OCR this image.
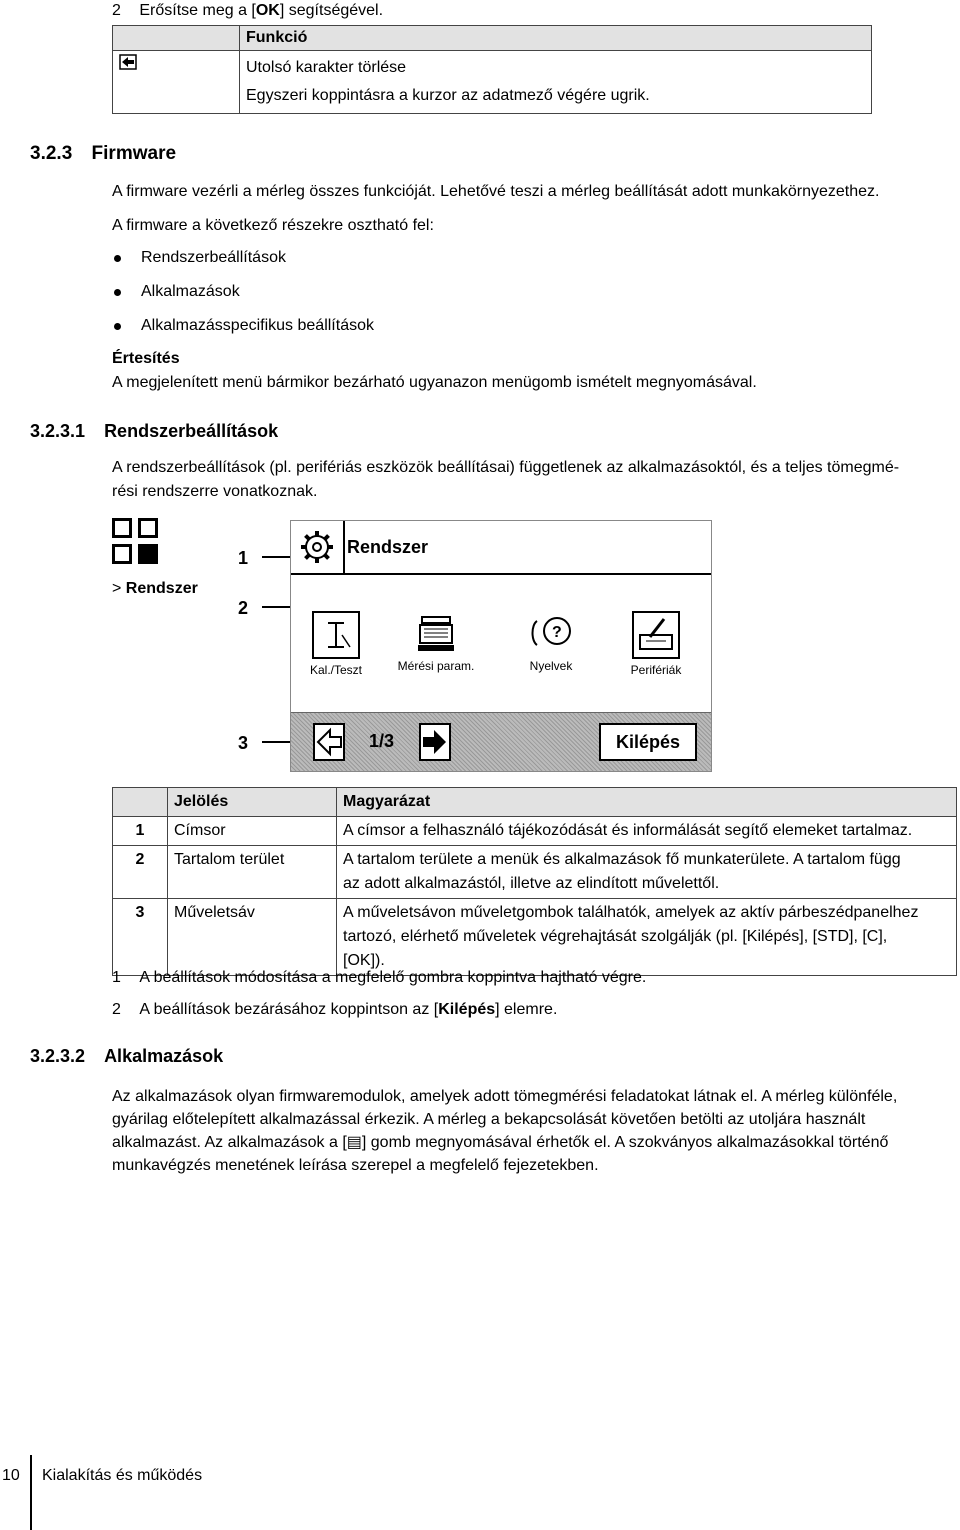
2 Erősítse meg a [OK] segítségével.
	Funkció

Utolsó karakter törlése

Egyszeri koppintásra a kurzor az adatmező végére ugrik.

3.2.3 Firmware

A firmware vezérli a mérleg összes funkcióját. Lehetővé teszi a mérleg beállítását adott munkakörnyezethez.

A firmware a következő részekre osztható fel:

Rendszerbeállítások
Alkalmazások
Alkalmazásspecifikus beállítások

Értesítés

A megjelenített menü bármikor bezárható ugyanazon menügomb ismételt megnyomásával.

3.2.3.1 Rendszerbeállítások

A rendszerbeállítások (pl. perifériás eszközök beállításai) függetlenek az alkalmazásoktól, és a teljes tömegmé-

rési rendszerre vonatkoznak.

> Rendszer
1
2
3
Rendszer
Kal./Teszt	Mérési param.
?
Nyelvek	Perifériák
1/3	Kilépés
	Jelölés	Magyarázat
1	Címsor	A címsor a felhasználó tájékozódását és informálását segítő elemeket tartalmaz.
2	Tartalom terület	A tartalom területe a menük és alkalmazások fő munkaterülete. A tartalom függ

az adott alkalmazástól, illetve az elindított művelettől.

3	Műveletsáv	A műveletsávon műveletgombok találhatók, amelyek az aktív párbeszédpanelhez

tartozó, elérhető műveletek végrehajtását szolgálják (pl. [Kilépés], [STD], [C],

[OK]).

1 A beállítások módosítása a megfelelő gombra koppintva hajtható végre.
2 A beállítások bezárásához koppintson az [Kilépés] elemre.
3.2.3.2 Alkalmazások

Az alkalmazások olyan firmwaremodulok, amelyek adott tömegmérési feladatokat látnak el. A mérleg különféle,

gyárilag előtelepített alkalmazással érkezik. A mérleg a bekapcsolását követően betölti az utoljára használt

alkalmazást. Az alkalmazások a [▤] gomb megnyomásával érhetők el. A szokványos alkalmazásokkal történő

munkavégzés menetének leírása szerepel a megfelelő fejezetekben.

10 Kialakítás és működés
